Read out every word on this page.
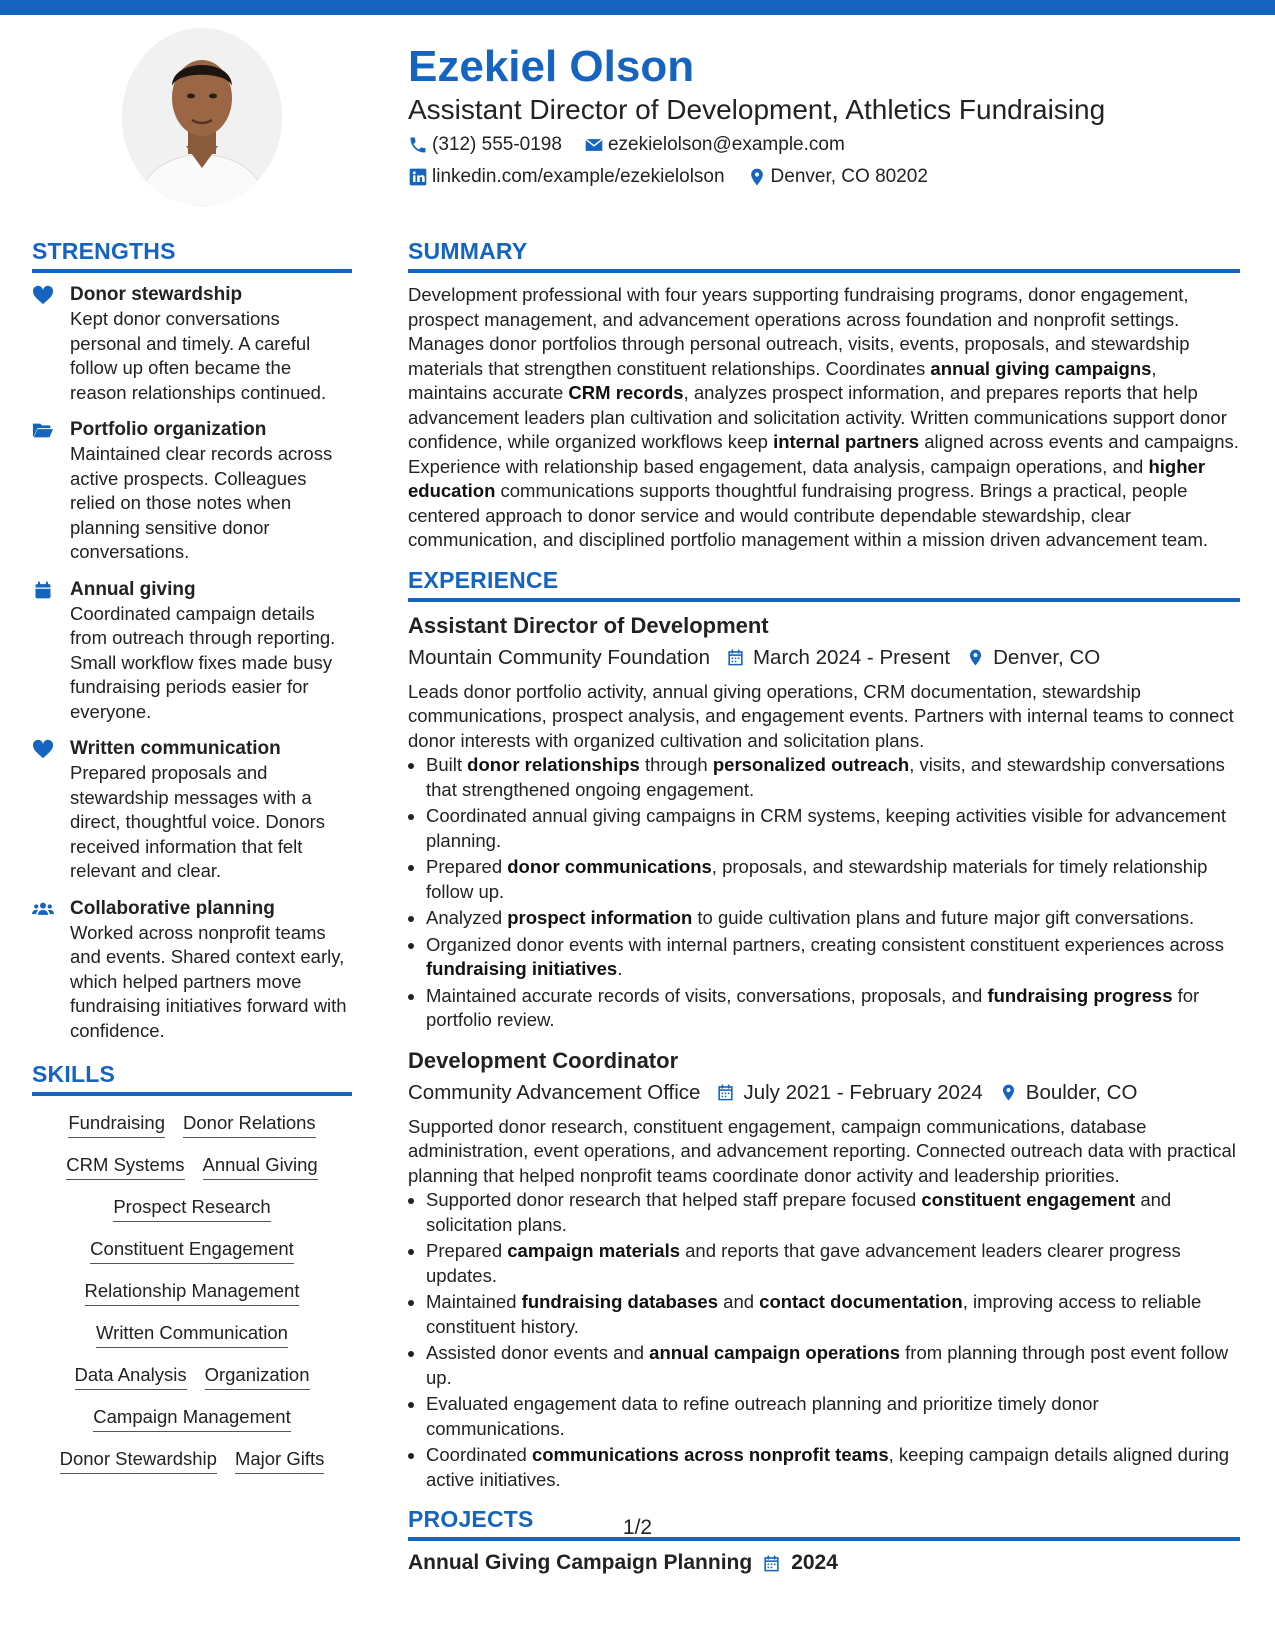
Ezekiel Olson
Assistant Director of Development, Athletics Fundraising
(312) 555-0198 ezekielolson@example.com
linkedin.com/example/ezekielolson Denver, CO 80202
STRENGTHS
Donor stewardship
Kept donor conversations personal and timely. A careful follow up often became the reason relationships continued.
Portfolio organization
Maintained clear records across active prospects. Colleagues relied on those notes when planning sensitive donor conversations.
Annual giving
Coordinated campaign details from outreach through reporting. Small workflow fixes made busy fundraising periods easier for everyone.
Written communication
Prepared proposals and stewardship messages with a direct, thoughtful voice. Donors received information that felt relevant and clear.
Collaborative planning
Worked across nonprofit teams and events. Shared context early, which helped partners move fundraising initiatives forward with confidence.
SKILLS
Fundraising Donor Relations
CRM Systems Annual Giving
Prospect Research
Constituent Engagement
Relationship Management
Written Communication
Data Analysis Organization
Campaign Management
Donor Stewardship Major Gifts
SUMMARY

Development professional with four years supporting fundraising programs, donor engagement, prospect management, and advancement operations across foundation and nonprofit settings. Manages donor portfolios through personal outreach, visits, events, proposals, and stewardship materials that strengthen constituent relationships. Coordinates annual giving campaigns, maintains accurate CRM records, analyzes prospect information, and prepares reports that help advancement leaders plan cultivation and solicitation activity. Written communications support donor confidence, while organized workflows keep internal partners aligned across events and campaigns. Experience with relationship based engagement, data analysis, campaign operations, and higher education communications supports thoughtful fundraising progress. Brings a practical, people centered approach to donor service and would contribute dependable stewardship, clear communication, and disciplined portfolio management within a mission driven advancement team.

EXPERIENCE
Assistant Director of Development
Mountain Community Foundation March 2024 - Present Denver, CO
Leads donor portfolio activity, annual giving operations, CRM documentation, stewardship communications, prospect analysis, and engagement events. Partners with internal teams to connect donor interests with organized cultivation and solicitation plans.
• Built donor relationships through personalized outreach, visits, and stewardship conversations that strengthened ongoing engagement.
• Coordinated annual giving campaigns in CRM systems, keeping activities visible for advancement planning.
• Prepared donor communications, proposals, and stewardship materials for timely relationship follow up.
• Analyzed prospect information to guide cultivation plans and future major gift conversations.
• Organized donor events with internal partners, creating consistent constituent experiences across fundraising initiatives.
• Maintained accurate records of visits, conversations, proposals, and fundraising progress for portfolio review.
Development Coordinator
Community Advancement Office July 2021 - February 2024 Boulder, CO
Supported donor research, constituent engagement, campaign communications, database administration, event operations, and advancement reporting. Connected outreach data with practical planning that helped nonprofit teams coordinate donor activity and leadership priorities.
• Supported donor research that helped staff prepare focused constituent engagement and solicitation plans.
• Prepared campaign materials and reports that gave advancement leaders clearer progress updates.
• Maintained fundraising databases and contact documentation, improving access to reliable constituent history.
• Assisted donor events and annual campaign operations from planning through post event follow up.
• Evaluated engagement data to refine outreach planning and prioritize timely donor communications.
• Coordinated communications across nonprofit teams, keeping campaign details aligned during active initiatives.
PROJECTS
Annual Giving Campaign Planning 2024
1/2
